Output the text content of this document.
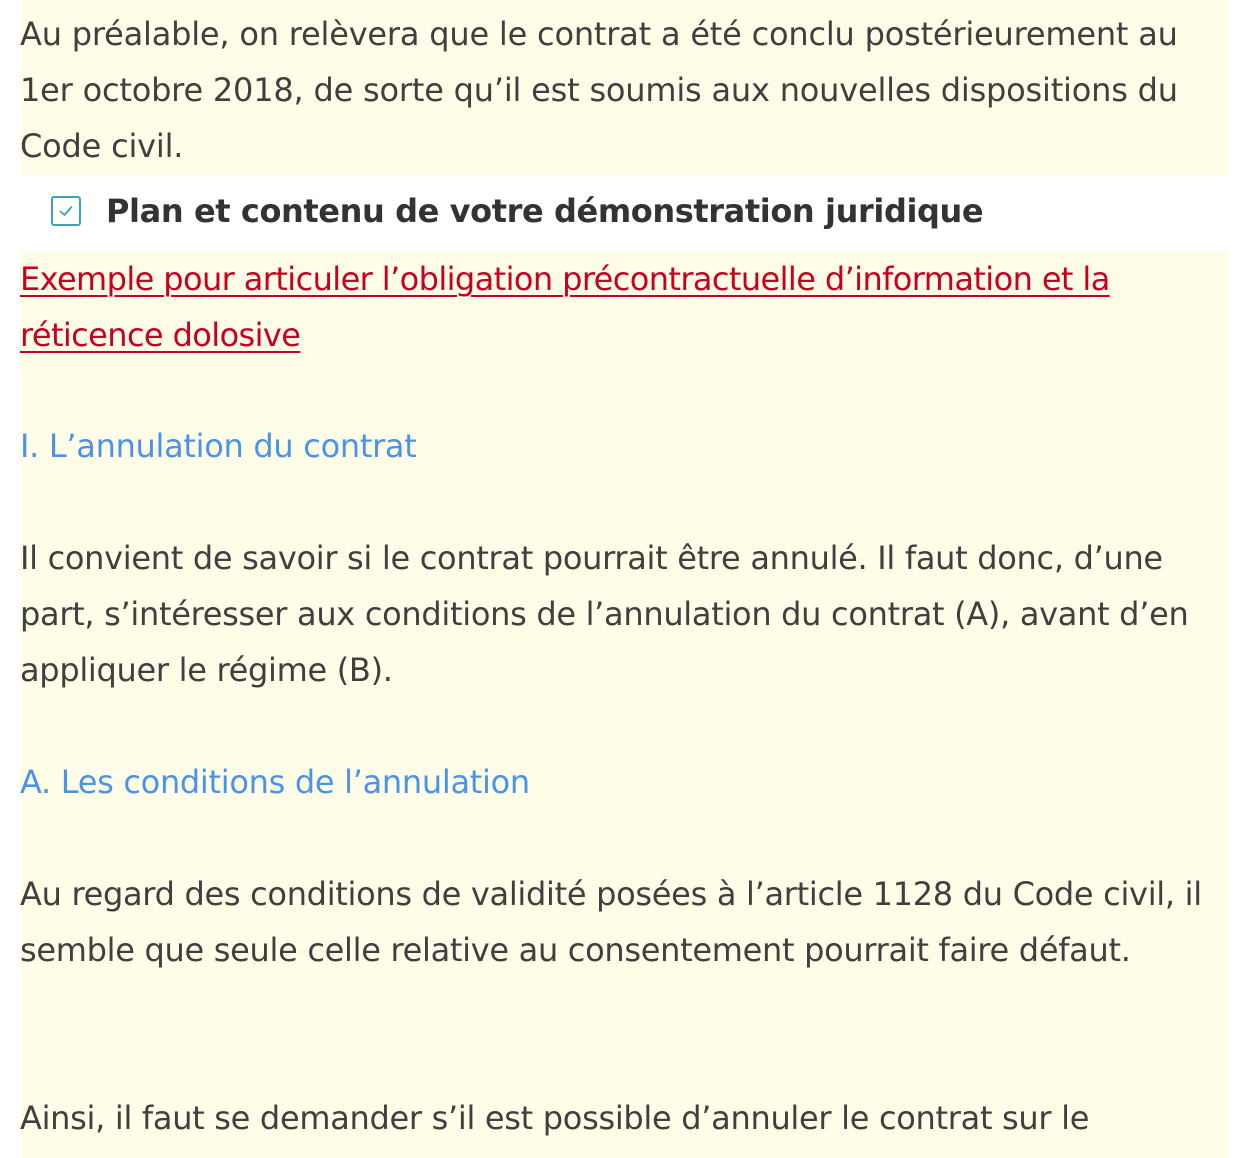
Au préalable, on relèvera que le contrat a été conclu postérieurement au 1er octobre 2018, de sorte qu’il est soumis aux nouvelles dispositions du Code civil.

Plan et contenu de votre démonstration juridique

Exemple pour articuler l’obligation précontractuelle d’information et la réticence dolosive

I. L’annulation du contrat

Il convient de savoir si le contrat pourrait être annulé. Il faut donc, d’une part, s’intéresser aux conditions de l’annulation du contrat (A), avant d’en appliquer le régime (B).

A. Les conditions de l’annulation

Au regard des conditions de validité posées à l’article 1128 du Code civil, il semble que seule celle relative au consentement pourrait faire défaut.

Ainsi, il faut se demander s’il est possible d’annuler le contrat sur le
